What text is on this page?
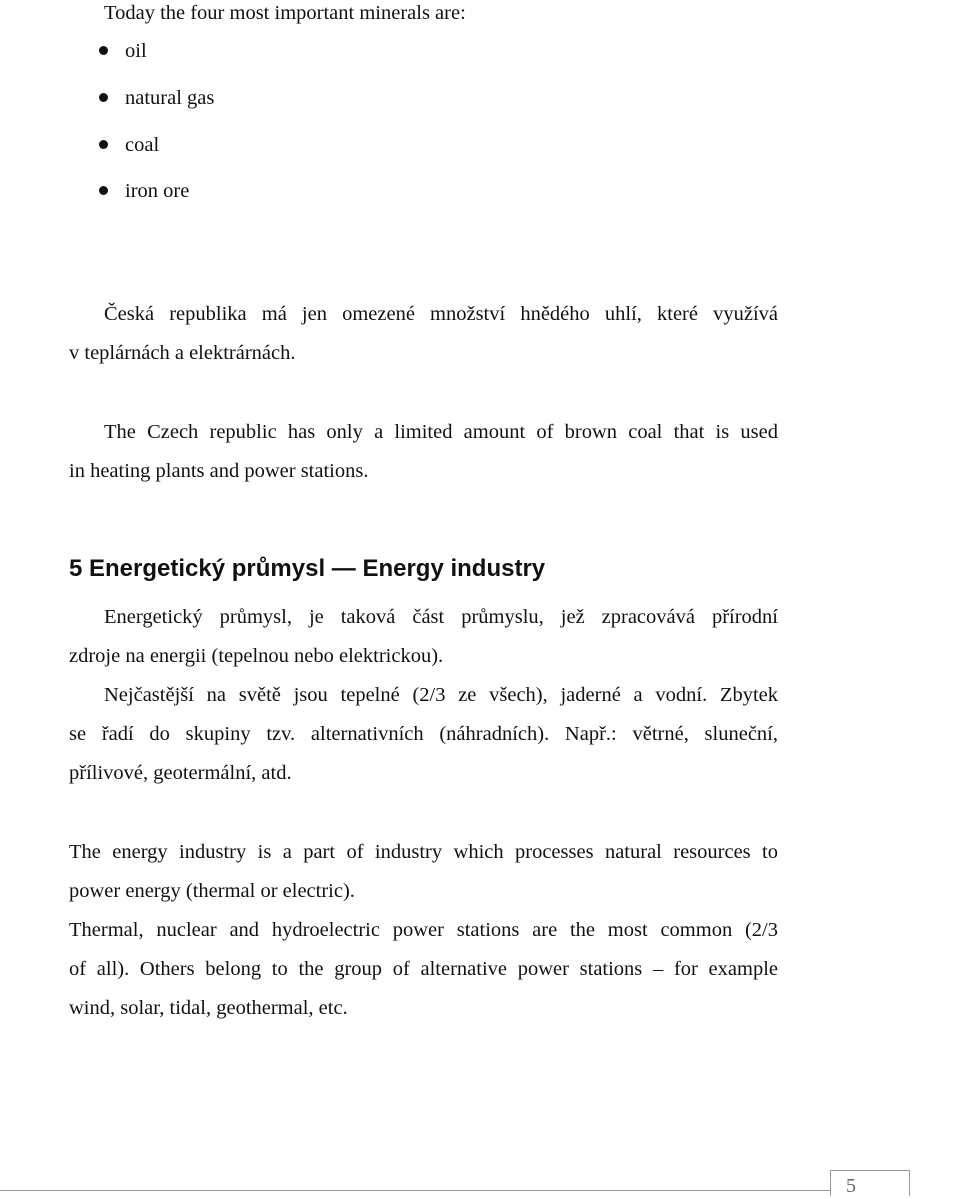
Today the four most important minerals are:
oil
natural gas
coal
iron ore
Česká republika má jen omezené množství hnědého uhlí, které využívá
v teplárnách a elektrárnách.
The Czech republic has only a limited amount of brown coal that is used
in heating plants and power stations.
5 Energetický průmysl — Energy industry
Energetický průmysl, je taková část průmyslu, jež zpracovává přírodní
zdroje na energii (tepelnou nebo elektrickou).
Nejčastější na světě jsou tepelné (2/3 ze všech), jaderné a vodní. Zbytek
se řadí do skupiny tzv. alternativních (náhradních). Např.: větrné, sluneční,
přílivové, geotermální, atd.
The energy industry is a part of industry which processes natural resources to
power energy (thermal or electric).
Thermal, nuclear and hydroelectric power stations are the most common (2/3
of all). Others belong to the group of alternative power stations – for example
wind, solar, tidal, geothermal, etc.
5
